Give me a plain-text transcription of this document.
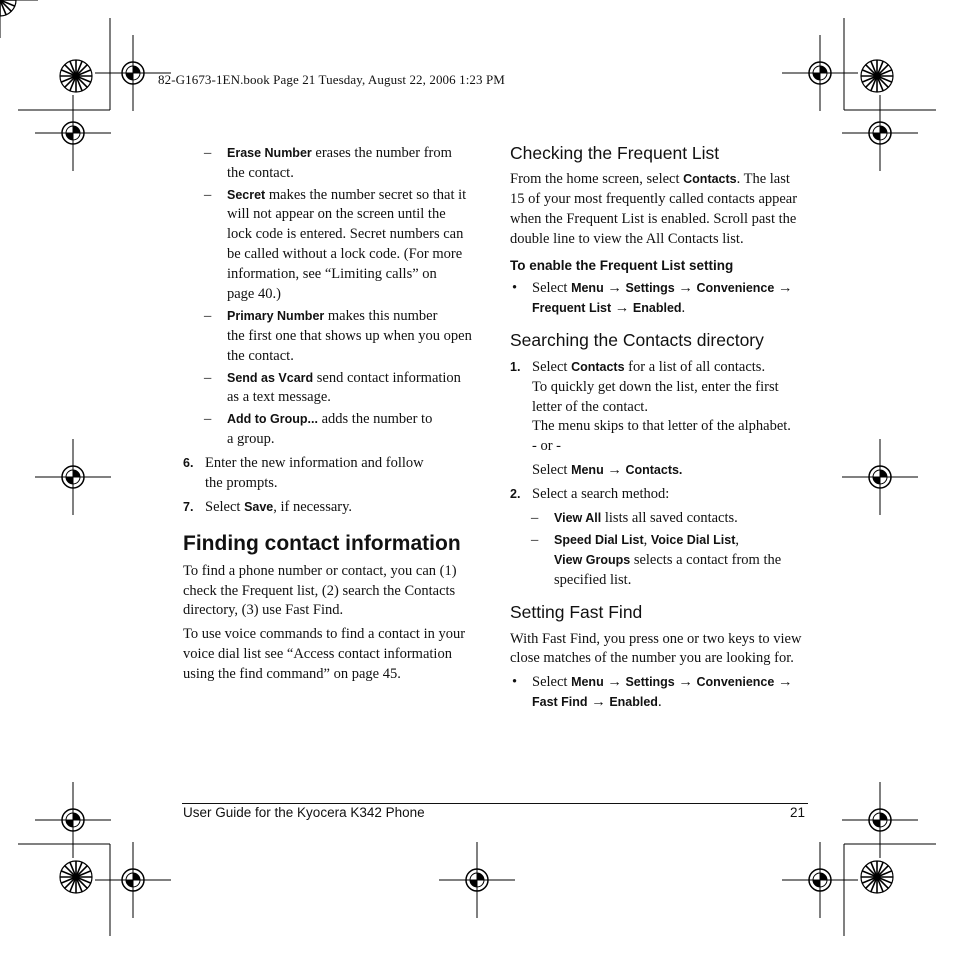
82-G1673-1EN.book Page 21 Tuesday, August 22, 2006 1:23 PM
– Erase Number erases the number from
the contact.
– Secret makes the number secret so that it
will not appear on the screen until the
lock code is entered. Secret numbers can
be called without a lock code. (For more
information, see “Limiting calls” on
page 40.)
– Primary Number makes this number
the first one that shows up when you open
the contact.
– Send as Vcard send contact information
as a text message.
– Add to Group... adds the number to
a group.
6. Enter the new information and follow
the prompts.
7. Select Save, if necessary.
Finding contact information
To find a phone number or contact, you can (1)
check the Frequent list, (2) search the Contacts
directory, (3) use Fast Find.
To use voice commands to find a contact in your
voice dial list see “Access contact information
using the find command” on page 45.
Checking the Frequent List
From the home screen, select Contacts. The last
15 of your most frequently called contacts appear
when the Frequent List is enabled. Scroll past the
double line to view the All Contacts list.
To enable the Frequent List setting
• Select Menu → Settings → Convenience →
Frequent List → Enabled.
Searching the Contacts directory
1. Select Contacts for a list of all contacts.
To quickly get down the list, enter the first
letter of the contact.
The menu skips to that letter of the alphabet.
- or -
Select Menu → Contacts.
2. Select a search method:
– View All lists all saved contacts.
– Speed Dial List, Voice Dial List,
View Groups selects a contact from the
specified list.
Setting Fast Find
With Fast Find, you press one or two keys to view
close matches of the number you are looking for.
• Select Menu → Settings → Convenience →
Fast Find → Enabled.
User Guide for the Kyocera K342 Phone	21
